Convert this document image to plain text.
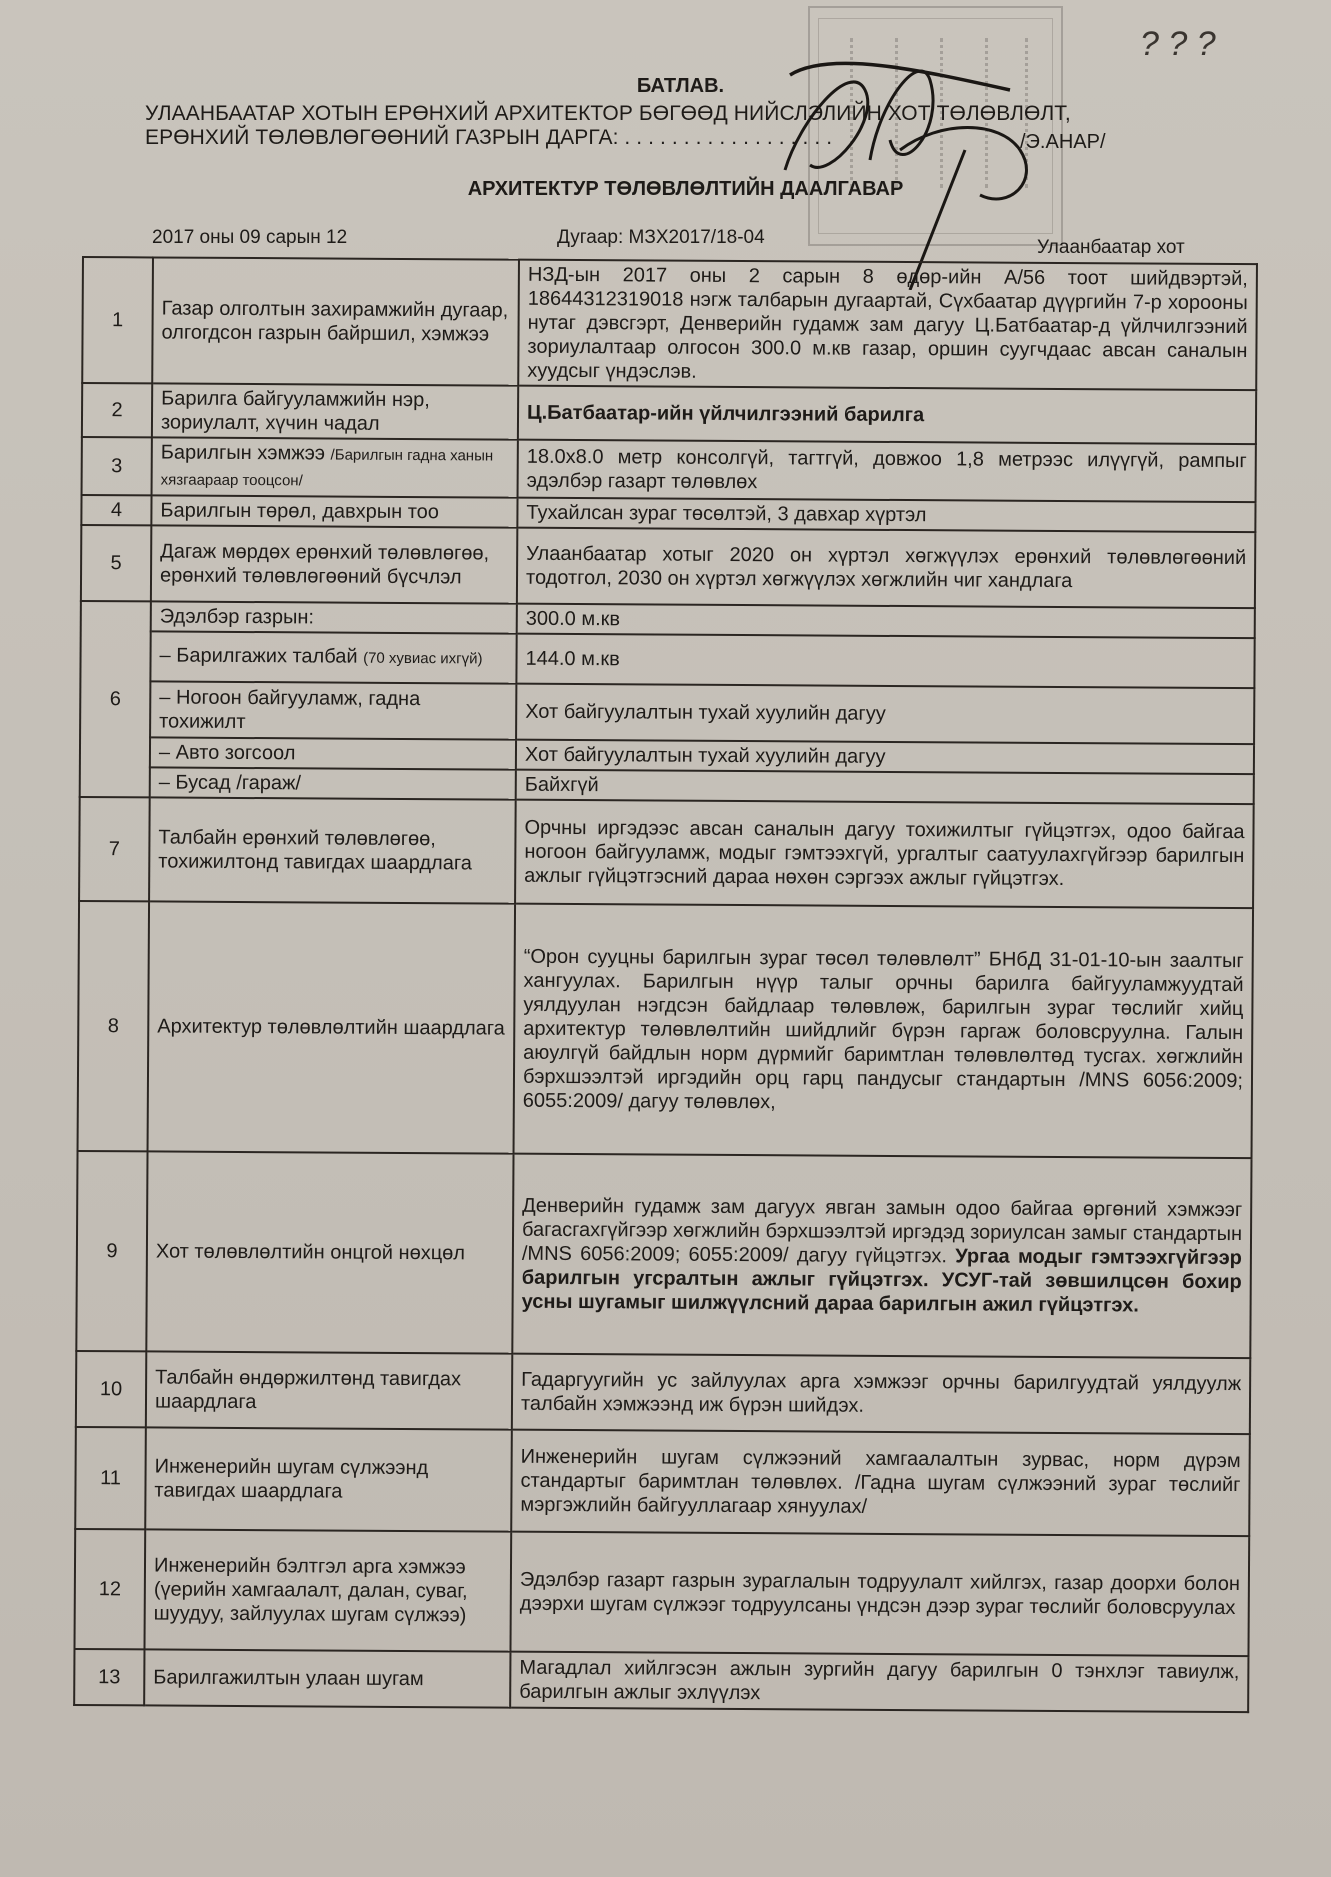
? ? ?
БАТЛАВ.
УЛААНБААТАР ХОТЫН ЕРӨНХИЙ АРХИТЕКТОР БӨГӨӨД НИЙСЛЭЛИЙН ХОТ ТӨЛӨВЛӨЛТ,
ЕРӨНХИЙ ТӨЛӨВЛӨГӨӨНИЙ ГАЗРЫН ДАРГА: . . . . . . . . . . . . . . . . . .	/Э.АНАР/
АРХИТЕКТУР ТӨЛӨВЛӨЛТИЙН ДААЛГАВАР
2017 оны 09 сарын 12	Дугаар: МЗХ2017/18-04	Улаанбаатар хот
1	Газар олголтын захирамжийн дугаар, олгогдсон газрын байршил, хэмжээ	НЗД-ын 2017 оны 2 сарын 8 өдөр-ийн А/56 тоот шийдвэртэй, 18644312319018 нэгж талбарын дугаартай, Сүхбаатар дүүргийн 7-р хорооны нутаг дэвсгэрт, Денверийн гудамж зам дагуу Ц.Батбаатар-д үйлчилгээний зориулалтаар олгосон 300.0 м.кв газар, оршин суугчдаас авсан саналын хуудсыг үндэслэв.
2	Барилга байгууламжийн нэр, зориулалт, хүчин чадал	Ц.Батбаатар-ийн үйлчилгээний барилга
3	Барилгын хэмжээ /Барилгын гадна ханын хязгаараар тооцсон/	18.0х8.0 метр консолгүй, тагтгүй, довжоо 1,8 метрээс илүүгүй, рампыг эдэлбэр газарт төлөвлөх
4	Барилгын төрөл, давхрын тоо	Тухайлсан зураг төсөлтэй, 3 давхар хүртэл
5	Дагаж мөрдөх ерөнхий төлөвлөгөө, ерөнхий төлөвлөгөөний бүсчлэл	Улаанбаатар хотыг 2020 он хүртэл хөгжүүлэх ерөнхий төлөвлөгөөний тодотгол, 2030 он хүртэл хөгжүүлэх хөгжлийн чиг хандлага
6	Эдэлбэр газрын:	300.0 м.кв
	– Барилгажих талбай (70 хувиас ихгүй)	144.0 м.кв
	– Ногоон байгууламж, гадна тохижилт	Хот байгуулалтын тухай хуулийн дагуу
	– Авто зогсоол	Хот байгуулалтын тухай хуулийн дагуу
	– Бусад /гараж/	Байхгүй
7	Талбайн ерөнхий төлөвлөгөө, тохижилтонд тавигдах шаардлага	Орчны иргэдээс авсан саналын дагуу тохижилтыг гүйцэтгэх, одоо байгаа ногоон байгууламж, модыг гэмтээхгүй, ургалтыг саатуулахгүйгээр барилгын ажлыг гүйцэтгэсний дараа нөхөн сэргээх ажлыг гүйцэтгэх.
8	Архитектур төлөвлөлтийн шаардлага	“Орон сууцны барилгын зураг төсөл төлөвлөлт” БНбД 31-01-10-ын заалтыг хангуулах. Барилгын нүүр талыг орчны барилга байгууламжуудтай уялдуулан нэгдсэн байдлаар төлөвлөж, барилгын зураг төслийг хийц архитектур төлөвлөлтийн шийдлийг бүрэн гаргаж боловсруулна. Галын аюулгүй байдлын норм дүрмийг баримтлан төлөвлөлтөд тусгах. хөгжлийн бэрхшээлтэй иргэдийн орц гарц пандусыг стандартын /MNS 6056:2009; 6055:2009/ дагуу төлөвлөх,
9	Хот төлөвлөлтийн онцгой нөхцөл	Денверийн гудамж зам дагуух явган замын одоо байгаа өргөний хэмжээг багасгахгүйгээр хөгжлийн бэрхшээлтэй иргэдэд зориулсан замыг стандартын /MNS 6056:2009; 6055:2009/ дагуу гүйцэтгэх. Ургаа модыг гэмтээхгүйгээр барилгын угсралтын ажлыг гүйцэтгэх. УСУГ-тай зөвшилцсөн бохир усны шугамыг шилжүүлсний дараа барилгын ажил гүйцэтгэх.
10	Талбайн өндөржилтөнд тавигдах шаардлага	Гадаргуугийн ус зайлуулах арга хэмжээг орчны барилгуудтай уялдуулж талбайн хэмжээнд иж бүрэн шийдэх.
11	Инженерийн шугам сүлжээнд тавигдах шаардлага	Инженерийн шугам сүлжээний хамгаалалтын зурвас, норм дүрэм стандартыг баримтлан төлөвлөх. /Гадна шугам сүлжээний зураг төслийг мэргэжлийн байгууллагаар хянуулах/
12	Инженерийн бэлтгэл арга хэмжээ (үерийн хамгаалалт, далан, суваг, шуудуу, зайлуулах шугам сүлжээ)	Эдэлбэр газарт газрын зураглалын тодруулалт хийлгэх, газар доорхи болон дээрхи шугам сүлжээг тодруулсаны үндсэн дээр зураг төслийг боловсруулах
13	Барилгажилтын улаан шугам	Магадлал хийлгэсэн ажлын зургийн дагуу барилгын 0 тэнхлэг тавиулж, барилгын ажлыг эхлүүлэх
